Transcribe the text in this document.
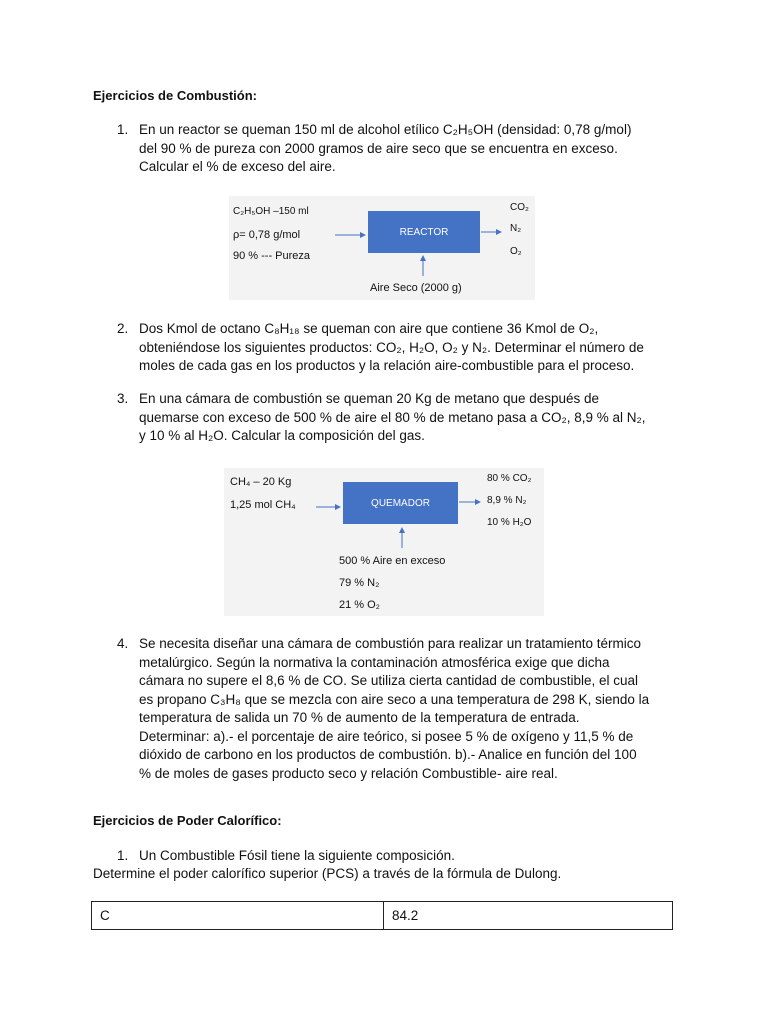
Ejercicios de Combustión:
1. En un reactor se queman 150 ml de alcohol etílico C₂H₅OH (densidad: 0,78 g/mol)
del 90 % de pureza con 2000 gramos de aire seco que se encuentra en exceso.
Calcular el % de exceso del aire.
C₂H₅OH –150 ml
ρ= 0,78 g/mol
90 % --- Pureza
REACTOR
CO₂
N₂
O₂
Aire Seco (2000 g)
2. Dos Kmol de octano C₈H₁₈ se queman con aire que contiene 36 Kmol de O₂,
obteniéndose los siguientes productos: CO₂, H₂O, O₂ y N₂. Determinar el número de
moles de cada gas en los productos y la relación aire-combustible para el proceso.
3. En una cámara de combustión se queman 20 Kg de metano que después de
quemarse con exceso de 500 % de aire el 80 % de metano pasa a CO₂, 8,9 % al N₂,
y 10 % al H₂O. Calcular la composición del gas.
CH₄ – 20 Kg
1,25 mol CH₄	QUEMADOR
80 % CO₂
8,9 % N₂
10 % H₂O
500 % Aire en exceso
79 % N₂
21 % O₂
4. Se necesita diseñar una cámara de combustión para realizar un tratamiento térmico
metalúrgico. Según la normativa la contaminación atmosférica exige que dicha
cámara no supere el 8,6 % de CO. Se utiliza cierta cantidad de combustible, el cual
es propano C₃H₈ que se mezcla con aire seco a una temperatura de 298 K, siendo la
temperatura de salida un 70 % de aumento de la temperatura de entrada.
Determinar: a).- el porcentaje de aire teórico, si posee 5 % de oxígeno y 11,5 % de
dióxido de carbono en los productos de combustión. b).- Analice en función del 100
% de moles de gases producto seco y relación Combustible- aire real.
Ejercicios de Poder Calorífico:
1. Un Combustible Fósil tiene la siguiente composición.
Determine el poder calorífico superior (PCS) a través de la fórmula de Dulong.
C	84.2
